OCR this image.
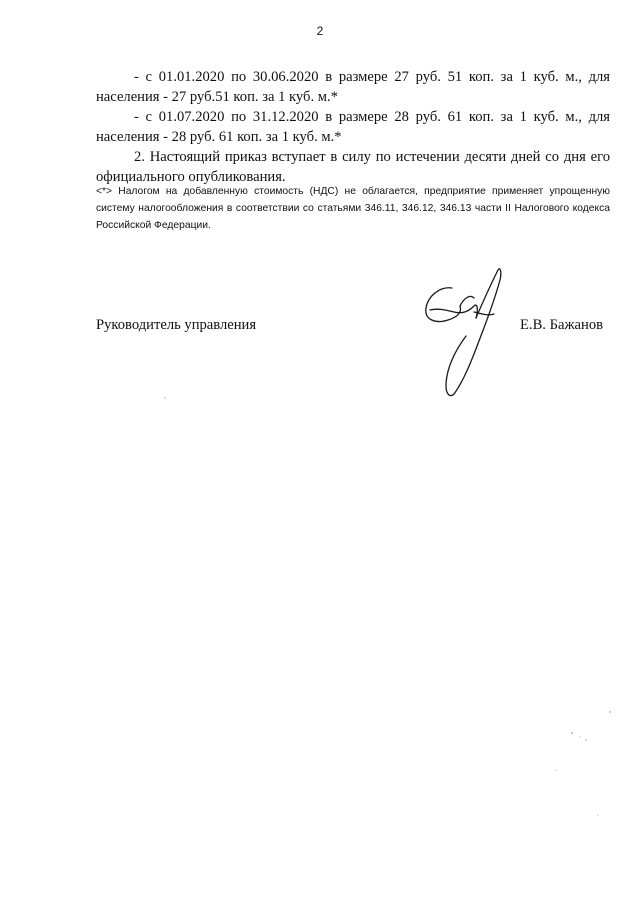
2

- с 01.01.2020 по 30.06.2020 в размере 27 руб. 51 коп. за 1 куб. м., для населения - 27 руб.51 коп. за 1 куб. м.*

- с 01.07.2020 по 31.12.2020 в размере 28 руб. 61 коп. за 1 куб. м., для населения - 28 руб. 61 коп. за 1 куб. м.*

2. Настоящий приказ вступает в силу по истечении десяти дней со дня его официального опубликования.

<*> Налогом на добавленную стоимость (НДС) не облагается, предприятие применяет упрощенную систему налогообложения в соответствии со статьями 346.11, 346.12, 346.13 части II Налогового кодекса Российской Федерации.

Руководитель управления	Е.В. Бажанов
